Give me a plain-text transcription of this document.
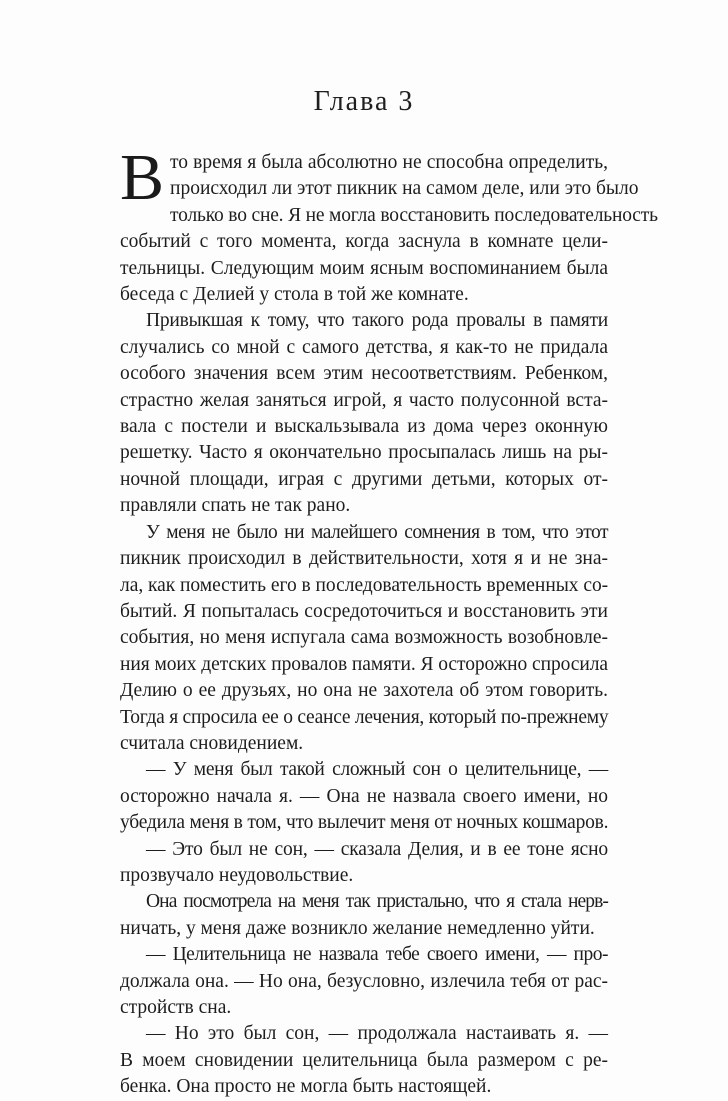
Глава 3
В то время я была абсолютно не способна определить,
происходил ли этот пикник на самом деле, или это было
только во сне. Я не могла восстановить последовательность
событий с того момента, когда заснула в комнате цели-
тельницы. Следующим моим ясным воспоминанием была
беседа с Делией у стола в той же комнате.
Привыкшая к тому, что такого рода провалы в памяти
случались со мной с самого детства, я как-то не придала
особого значения всем этим несоответствиям. Ребенком,
страстно желая заняться игрой, я часто полусонной вста-
вала с постели и выскальзывала из дома через оконную
решетку. Часто я окончательно просыпалась лишь на ры-
ночной площади, играя с другими детьми, которых от-
правляли спать не так рано.
У меня не было ни малейшего сомнения в том, что этот
пикник происходил в действительности, хотя я и не зна-
ла, как поместить его в последовательность временных со-
бытий. Я попыталась сосредоточиться и восстановить эти
события, но меня испугала сама возможность возобновле-
ния моих детских провалов памяти. Я осторожно спросила
Делию о ее друзьях, но она не захотела об этом говорить.
Тогда я спросила ее о сеансе лечения, который по-прежнему
считала сновидением.
— У меня был такой сложный сон о целительнице, —
осторожно начала я. — Она не назвала своего имени, но
убедила меня в том, что вылечит меня от ночных кошмаров.
— Это был не сон, — сказала Делия, и в ее тоне ясно
прозвучало неудовольствие.
Она посмотрела на меня так пристально, что я стала нерв-
ничать, у меня даже возникло желание немедленно уйти.
— Целительница не назвала тебе своего имени, — про-
должала она. — Но она, безусловно, излечила тебя от рас-
стройств сна.
— Но это был сон, — продолжала настаивать я. —
В моем сновидении целительница была размером с ре-
бенка. Она просто не могла быть настоящей.
